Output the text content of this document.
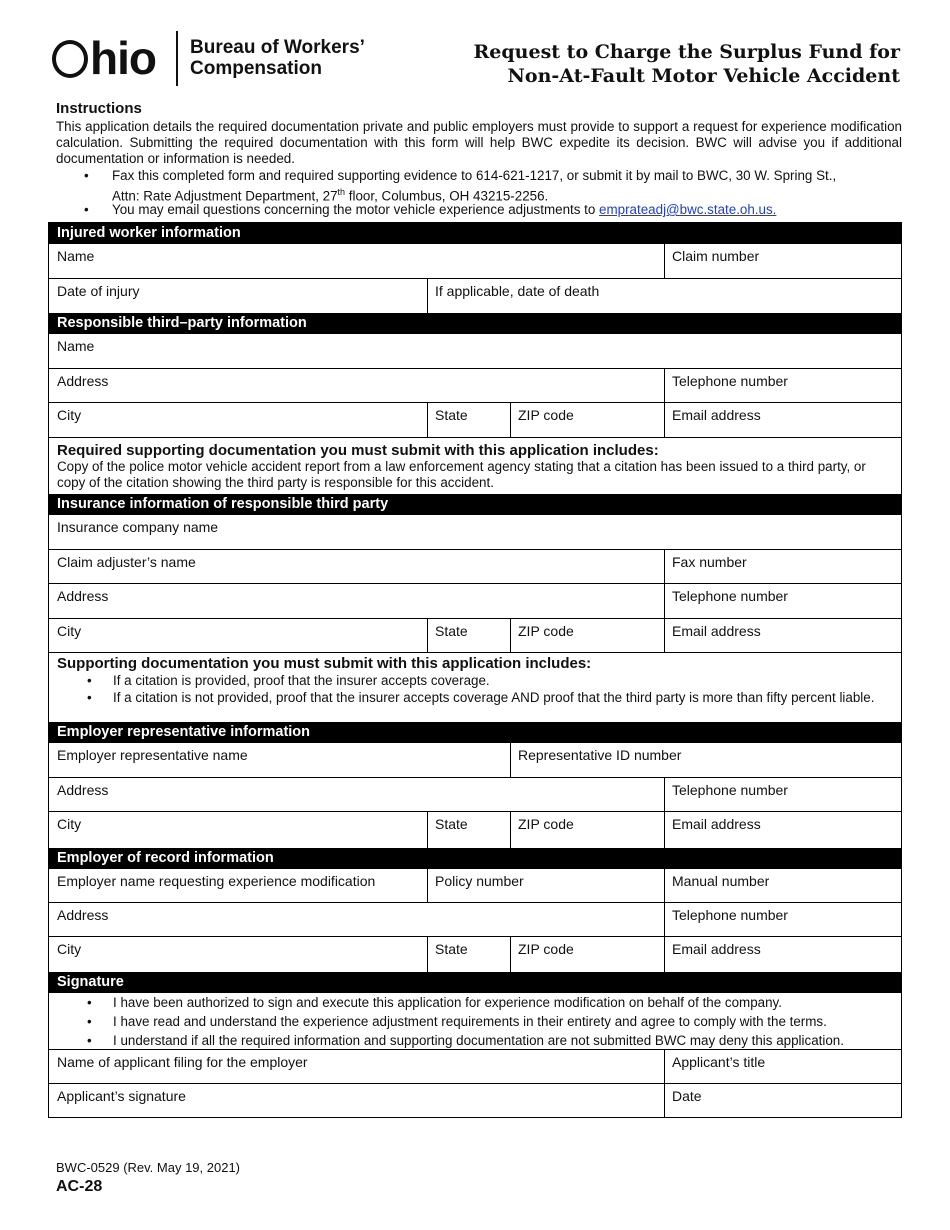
hio Bureau of Workers’
Compensation
Request to Charge the Surplus Fund for
Non-At-Fault Motor Vehicle Accident
Instructions
This application details the required documentation private and public employers must provide to support a request for experience modification calculation. Submitting the required documentation with this form will help BWC expedite its decision. BWC will advise you if additional documentation or information is needed.
• Fax this completed form and required supporting evidence to 614-621-1217, or submit it by mail to BWC, 30 W. Spring St.,
Attn: Rate Adjustment Department, 27th floor, Columbus, OH 43215-2256.
• You may email questions concerning the motor vehicle experience adjustments to emprateadj@bwc.state.oh.us.
Injured worker information
Name	Claim number
Date of injury	If applicable, date of death
Responsible third–party information
Name
Address	Telephone number
City	State	ZIP code	Email address
Required supporting documentation you must submit with this application includes:
Copy of the police motor vehicle accident report from a law enforcement agency stating that a citation has been issued to a third party, or copy of the citation showing the third party is responsible for this accident.
Insurance information of responsible third party
Insurance company name
Claim adjuster’s name	Fax number
Address	Telephone number
City	State	ZIP code	Email address
Supporting documentation you must submit with this application includes:
• If a citation is provided, proof that the insurer accepts coverage.
• If a citation is not provided, proof that the insurer accepts coverage AND proof that the third party is more than fifty percent liable.
Employer representative information
Employer representative name	Representative ID number
Address	Telephone number
City	State	ZIP code	Email address
Employer of record information
Employer name requesting experience modification	Policy number	Manual number
Address	Telephone number
City	State	ZIP code	Email address
Signature
• I have been authorized to sign and execute this application for experience modification on behalf of the company.
• I have read and understand the experience adjustment requirements in their entirety and agree to comply with the terms.
• I understand if all the required information and supporting documentation are not submitted BWC may deny this application.
Name of applicant filing for the employer	Applicant’s title
Applicant’s signature	Date
BWC-0529 (Rev. May 19, 2021)
AC-28
